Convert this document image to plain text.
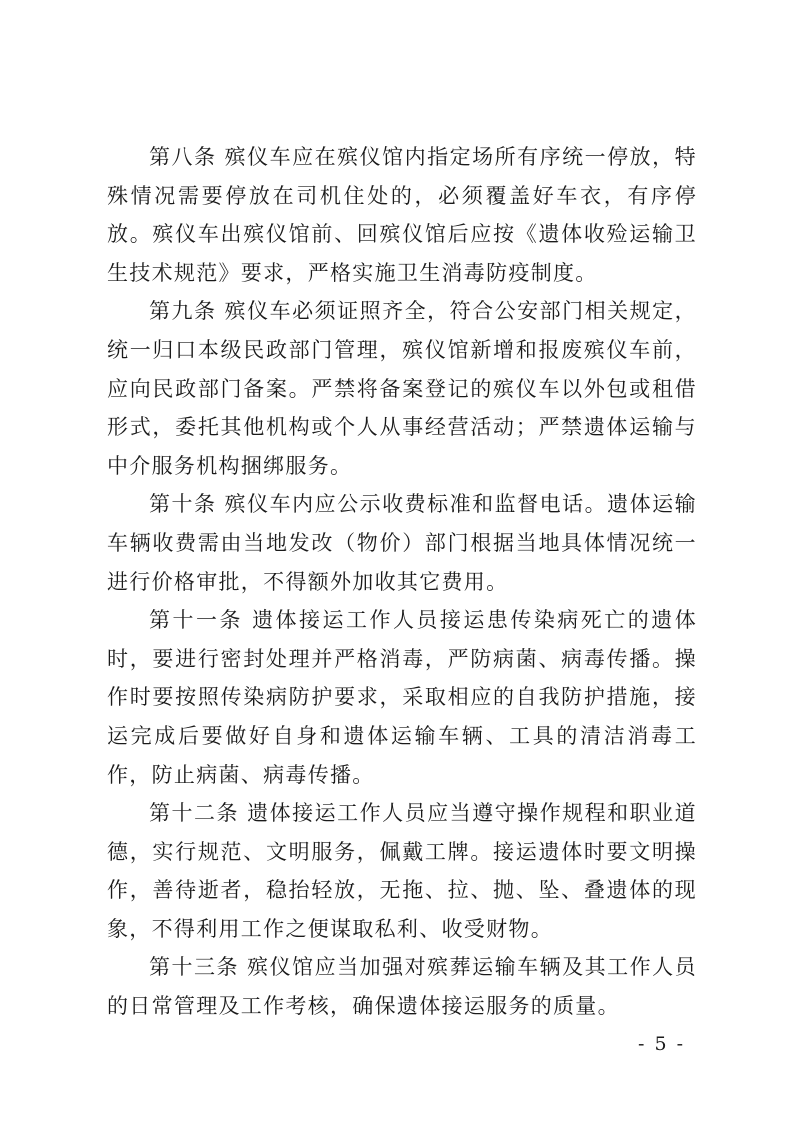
第八条 殡仪车应在殡仪馆内指定场所有序统一停放，特殊情况需要停放在司机住处的，必须覆盖好车衣，有序停放。殡仪车出殡仪馆前、回殡仪馆后应按《遗体收殓运输卫生技术规范》要求，严格实施卫生消毒防疫制度。

第九条 殡仪车必须证照齐全，符合公安部门相关规定，统一归口本级民政部门管理，殡仪馆新增和报废殡仪车前，应向民政部门备案。严禁将备案登记的殡仪车以外包或租借形式，委托其他机构或个人从事经营活动；严禁遗体运输与中介服务机构捆绑服务。

第十条 殡仪车内应公示收费标准和监督电话。遗体运输车辆收费需由当地发改（物价）部门根据当地具体情况统一进行价格审批，不得额外加收其它费用。

第十一条 遗体接运工作人员接运患传染病死亡的遗体时，要进行密封处理并严格消毒，严防病菌、病毒传播。操作时要按照传染病防护要求，采取相应的自我防护措施，接运完成后要做好自身和遗体运输车辆、工具的清洁消毒工作，防止病菌、病毒传播。

第十二条 遗体接运工作人员应当遵守操作规程和职业道德，实行规范、文明服务，佩戴工牌。接运遗体时要文明操作，善待逝者，稳抬轻放，无拖、拉、抛、坠、叠遗体的现象，不得利用工作之便谋取私利、收受财物。

第十三条 殡仪馆应当加强对殡葬运输车辆及其工作人员的日常管理及工作考核，确保遗体接运服务的质量。

- 5 -
